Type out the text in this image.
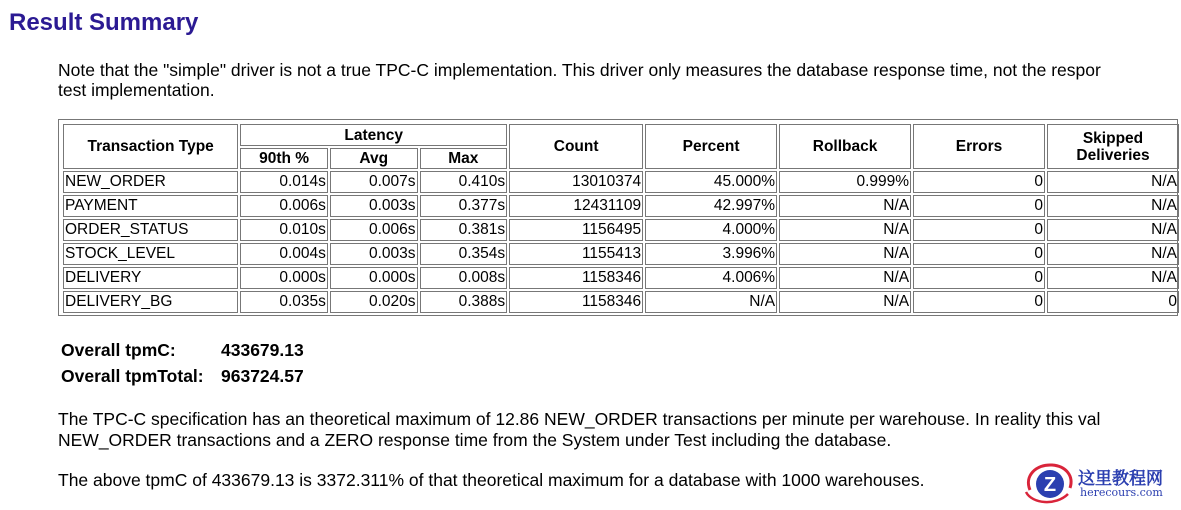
Result Summary

Note that the "simple" driver is not a true TPC-C implementation. This driver only measures the database response time, not the respor

test implementation.

Transaction Type	Latency			Count	Percent	Rollback	Errors	Skipped Deliveries
	90th %	Avg	Max					
NEW_ORDER	0.014s	0.007s	0.410s	13010374	45.000%	0.999%	0	N/A
PAYMENT	0.006s	0.003s	0.377s	12431109	42.997%	N/A	0	N/A
ORDER_STATUS	0.010s	0.006s	0.381s	1156495	4.000%	N/A	0	N/A
STOCK_LEVEL	0.004s	0.003s	0.354s	1155413	3.996%	N/A	0	N/A
DELIVERY	0.000s	0.000s	0.008s	1158346	4.006%	N/A	0	N/A
DELIVERY_BG	0.035s	0.020s	0.388s	1158346	N/A	N/A	0	0
Overall tpmC:	433679.13
Overall tpmTotal: 963724.57

The TPC-C specification has an theoretical maximum of 12.86 NEW_ORDER transactions per minute per warehouse. In reality this val

NEW_ORDER transactions and a ZERO response time from the System under Test including the database.

The above tpmC of 433679.13 is 3372.311% of that theoretical maximum for a database with 1000 warehouses.	Z 这里教程网
herecours.com
